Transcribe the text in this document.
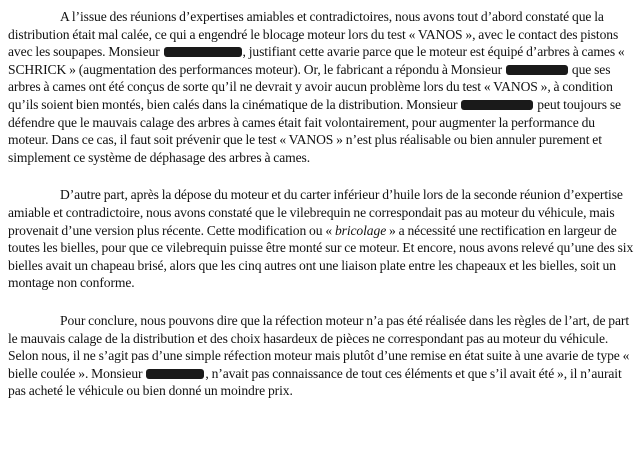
A l’issue des réunions d’expertises amiables et contradictoires, nous avons tout d’abord constaté que la distribution était mal calée, ce qui a engendré le blocage moteur lors du test « VANOS », avec le contact des pistons avec les soupapes. Monsieur	, justifiant cette avarie parce que le moteur est équipé d’arbres à cames « SCHRICK » (augmentation des performances moteur). Or, le fabricant a répondu à Monsieur	que ses arbres à cames ont été conçus de sorte qu’il ne devrait y avoir aucun problème lors du test « VANOS », à condition qu’ils soient bien montés, bien calés dans la cinématique de la distribution. Monsieur	peut toujours se défendre que le mauvais calage des arbres à cames était fait volontairement, pour augmenter la performance du moteur. Dans ce cas, il faut soit prévenir que le test « VANOS » n’est plus réalisable ou bien annuler purement et simplement ce système de déphasage des arbres à cames.

D’autre part, après la dépose du moteur et du carter inférieur d’huile lors de la seconde réunion d’expertise amiable et contradictoire, nous avons constaté que le vilebrequin ne correspondait pas au moteur du véhicule, mais provenait d’une version plus récente. Cette modification ou « bricolage » a nécessité une rectification en largeur de toutes les bielles, pour que ce vilebrequin puisse être monté sur ce moteur. Et encore, nous avons relevé qu’une des six bielles avait un chapeau brisé, alors que les cinq autres ont une liaison plate entre les chapeaux et les bielles, soit un montage non conforme.

Pour conclure, nous pouvons dire que la réfection moteur n’a pas été réalisée dans les règles de l’art, de part le mauvais calage de la distribution et des choix hasardeux de pièces ne correspondant pas au moteur du véhicule. Selon nous, il ne s’agit pas d’une simple réfection moteur mais plutôt d’une remise en état suite à une avarie de type « bielle coulée ». Monsieur	, n’avait pas connaissance de tout ces éléments et que s’il avait été », il n’aurait pas acheté le véhicule ou bien donné un moindre prix.
